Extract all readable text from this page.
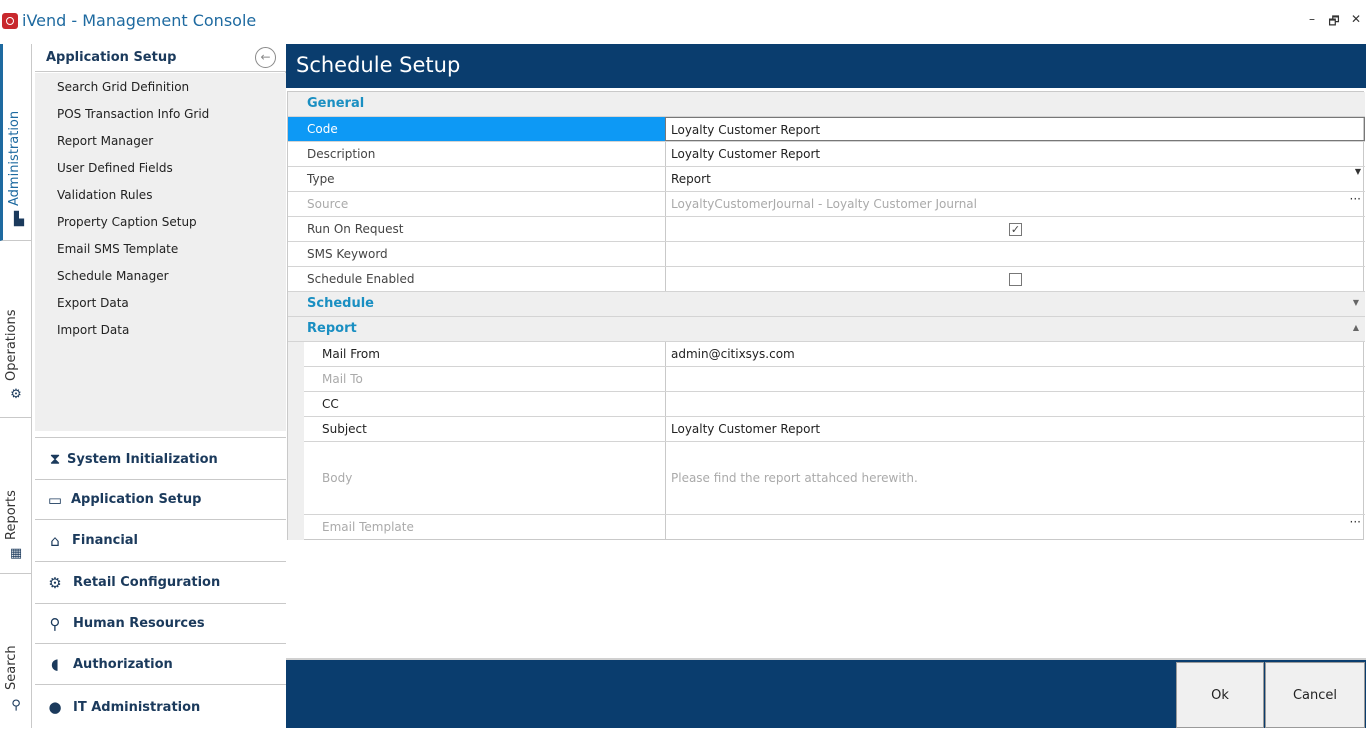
iVend - Management Console	– 🗗 ✕
Administration
▙
Operations
⚙
Reports
▦
Search
⚲
Application Setup	←
Search Grid Definition
POS Transaction Info Grid
Report Manager
User Defined Fields
Validation Rules
Property Caption Setup
Email SMS Template
Schedule Manager
Export Data
Import Data
⧗ System Initialization
▭ Application Setup
⌂ Financial
⚙ Retail Configuration
⚲ Human Resources
◖	Authorization
● IT Administration
Schedule Setup
General
Code	Loyalty Customer Report
Description	Loyalty Customer Report
Type	Report
▼
Source	LoyaltyCustomerJournal - Loyalty Customer Journal	···
Run On Request	✓
SMS Keyword
Schedule Enabled
Schedule	▼
Report	▲
Mail From	admin@citixsys.com
Mail To
CC
Subject	Loyalty Customer Report
Body	Please find the report attahced herewith.
Email Template	···
Ok	Cancel
